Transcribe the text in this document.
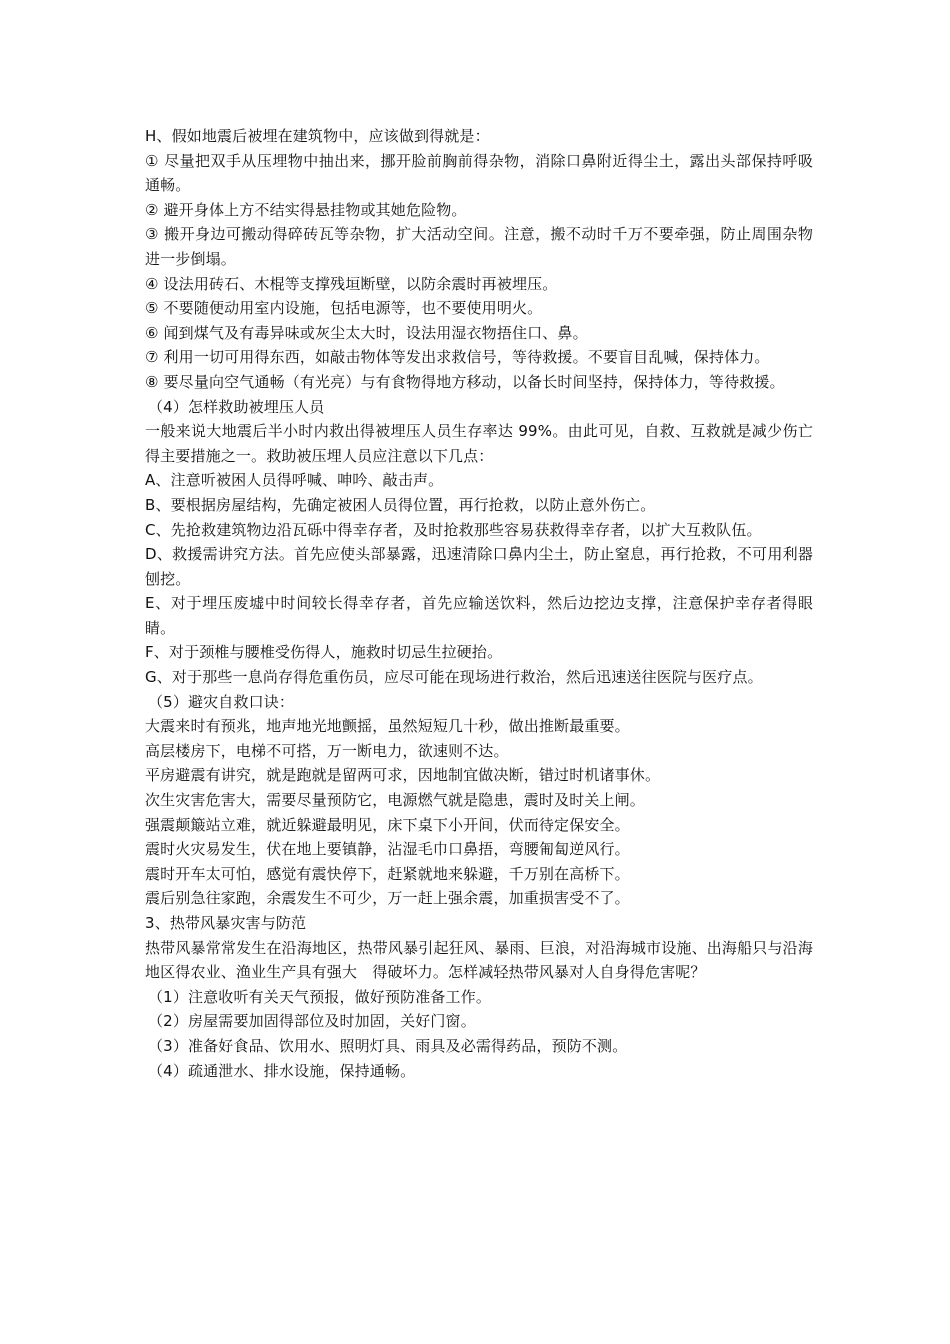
H、假如地震后被埋在建筑物中，应该做到得就是：

① 尽量把双手从压埋物中抽出来，挪开脸前胸前得杂物，消除口鼻附近得尘土，露出头部保持呼吸通畅。

② 避开身体上方不结实得悬挂物或其她危险物。

③ 搬开身边可搬动得碎砖瓦等杂物，扩大活动空间。注意，搬不动时千万不要牵强，防止周围杂物进一步倒塌。

④ 设法用砖石、木棍等支撑残垣断壁，以防余震时再被埋压。

⑤ 不要随便动用室内设施，包括电源等，也不要使用明火。

⑥ 闻到煤气及有毒异味或灰尘太大时，设法用湿衣物捂住口、鼻。

⑦ 利用一切可用得东西，如敲击物体等发出求救信号，等待救援。不要盲目乱喊，保持体力。

⑧ 要尽量向空气通畅（有光亮）与有食物得地方移动，以备长时间坚持，保持体力，等待救援。

（4）怎样救助被埋压人员

一般来说大地震后半小时内救出得被埋压人员生存率达 99%。由此可见，自救、互救就是减少伤亡得主要措施之一。救助被压埋人员应注意以下几点：

A、注意听被困人员得呼喊、呻吟、敲击声。

B、要根据房屋结构，先确定被困人员得位置，再行抢救，以防止意外伤亡。

C、先抢救建筑物边沿瓦砾中得幸存者，及时抢救那些容易获救得幸存者，以扩大互救队伍。

D、救援需讲究方法。首先应使头部暴露，迅速清除口鼻内尘土，防止窒息，再行抢救，不可用利器刨挖。

E、对于埋压废墟中时间较长得幸存者，首先应输送饮料，然后边挖边支撑，注意保护幸存者得眼睛。

F、对于颈椎与腰椎受伤得人，施救时切忌生拉硬抬。

G、对于那些一息尚存得危重伤员，应尽可能在现场进行救治，然后迅速送往医院与医疗点。

（5）避灾自救口诀：

大震来时有预兆，地声地光地颤摇，虽然短短几十秒，做出推断最重要。

高层楼房下，电梯不可搭，万一断电力，欲速则不达。

平房避震有讲究，就是跑就是留两可求，因地制宜做决断，错过时机诸事休。

次生灾害危害大，需要尽量预防它，电源燃气就是隐患，震时及时关上闸。

强震颠簸站立难，就近躲避最明见，床下桌下小开间，伏而待定保安全。

震时火灾易发生，伏在地上要镇静，沾湿毛巾口鼻捂，弯腰匍匐逆风行。

震时开车太可怕，感觉有震快停下，赶紧就地来躲避，千万别在高桥下。

震后别急往家跑，余震发生不可少，万一赶上强余震，加重损害受不了。

3、热带风暴灾害与防范

热带风暴常常发生在沿海地区，热带风暴引起狂风、暴雨、巨浪，对沿海城市设施、出海船只与沿海地区得农业、渔业生产具有强大　得破坏力。怎样减轻热带风暴对人自身得危害呢？

（1）注意收听有关天气预报，做好预防准备工作。

（2）房屋需要加固得部位及时加固，关好门窗。

（3）准备好食品、饮用水、照明灯具、雨具及必需得药品，预防不测。

（4）疏通泄水、排水设施，保持通畅。
